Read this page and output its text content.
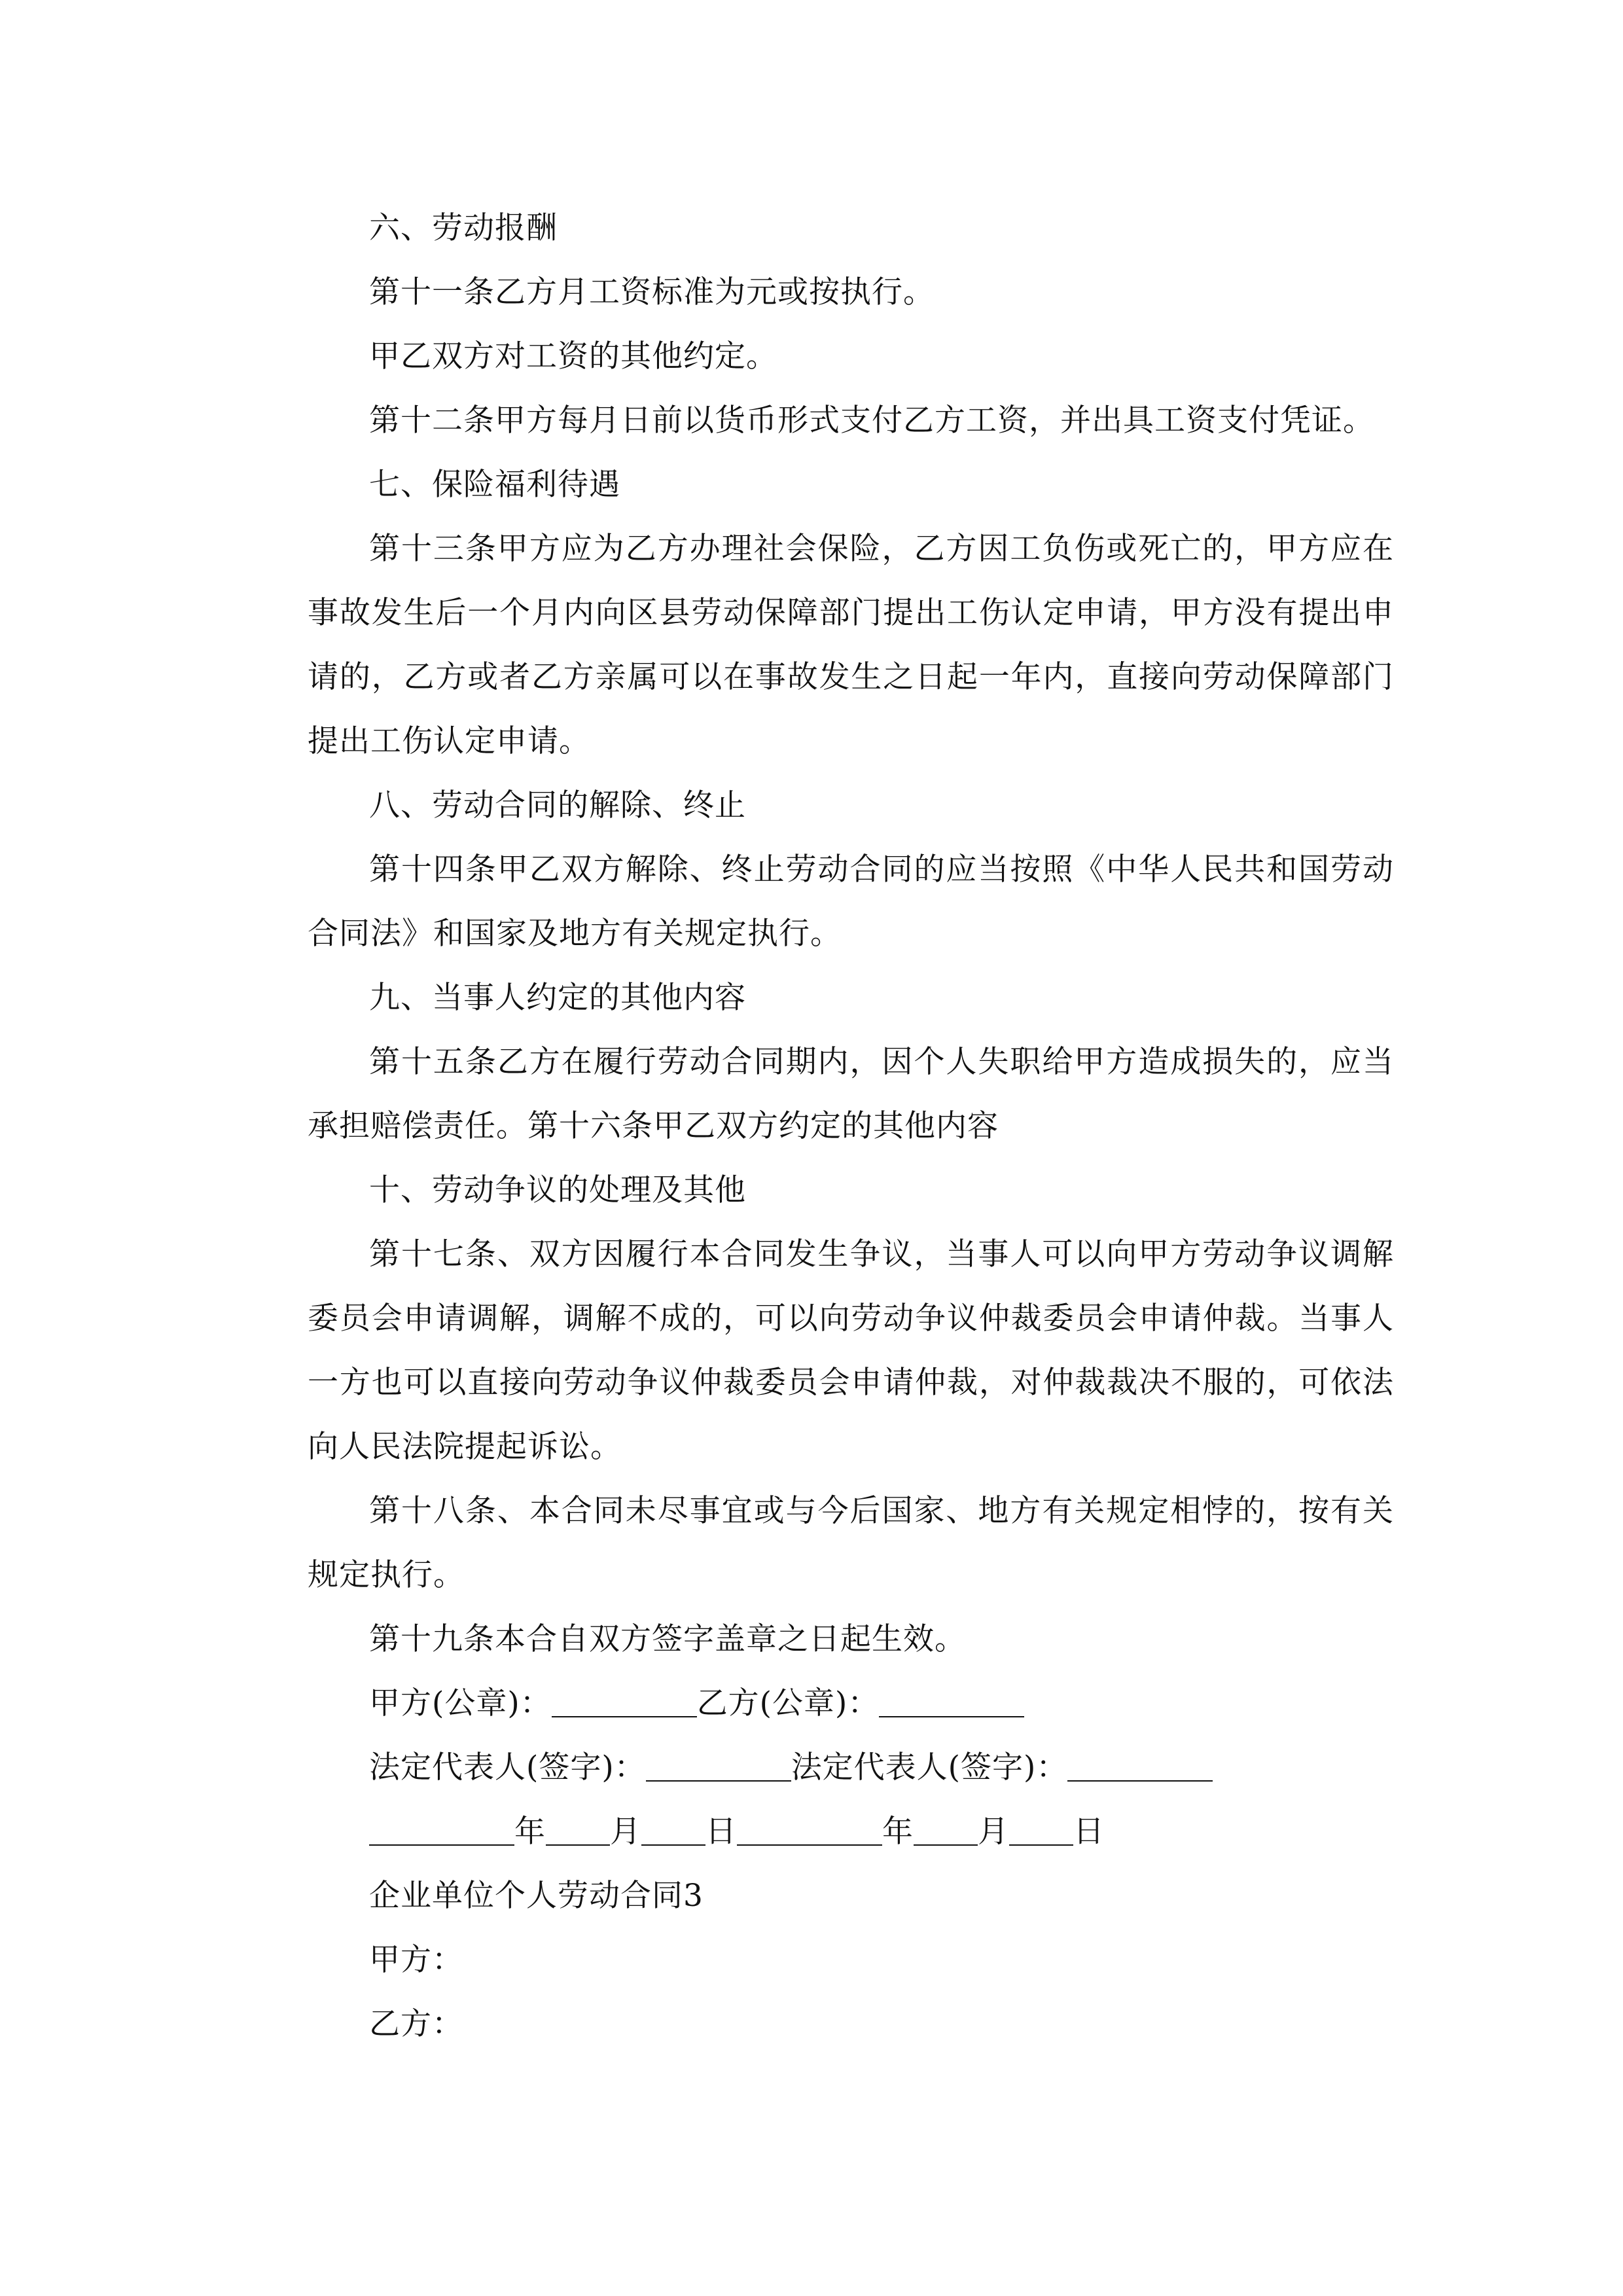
六、劳动报酬

第十一条乙方月工资标准为元或按执行。

甲乙双方对工资的其他约定。

第十二条甲方每月日前以货币形式支付乙方工资，并出具工资支付凭证。

七、保险福利待遇

第十三条甲方应为乙方办理社会保险，乙方因工负伤或死亡的，甲方应在事故发生后一个月内向区县劳动保障部门提出工伤认定申请，甲方没有提出申请的，乙方或者乙方亲属可以在事故发生之日起一年内，直接向劳动保障部门提出工伤认定申请。

八、劳动合同的解除、终止

第十四条甲乙双方解除、终止劳动合同的应当按照《中华人民共和国劳动合同法》和国家及地方有关规定执行。

九、当事人约定的其他内容

第十五条乙方在履行劳动合同期内，因个人失职给甲方造成损失的，应当承担赔偿责任。第十六条甲乙双方约定的其他内容

十、劳动争议的处理及其他

第十七条、双方因履行本合同发生争议，当事人可以向甲方劳动争议调解委员会申请调解，调解不成的，可以向劳动争议仲裁委员会申请仲裁。当事人一方也可以直接向劳动争议仲裁委员会申请仲裁，对仲裁裁决不服的，可依法向人民法院提起诉讼。

第十八条、本合同未尽事宜或与今后国家、地方有关规定相悖的，按有关规定执行。

第十九条本合自双方签字盖章之日起生效。

甲方(公章)：	乙方(公章)：

法定代表人(签字)：	法定代表人(签字)：

年 月 日	年 月 日

企业单位个人劳动合同3

甲方：

乙方：
